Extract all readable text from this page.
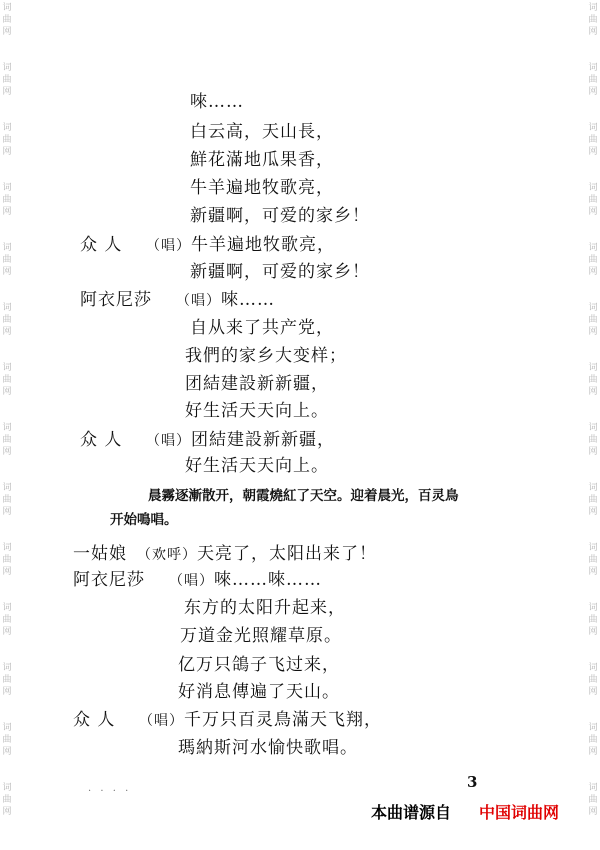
词
曲
网
词
曲
网
词
曲
网
词
曲
网
词
曲
网
词
曲
网
词
曲
网
词
曲
网
词
曲
网
词
曲
网
词
曲
网
词
曲
网
词
曲
网
词
曲
网
词
曲
网
词
曲
网
词
曲
网
词
曲
网
词
曲
网
词
曲
网
词
曲
网
词
曲
网
词
曲
网
词
曲
网
词
曲
网
词
曲
网
词
曲
网
词
曲
网
唻……
白云高，天山長，
鮮花滿地瓜果香，
牛羊遍地牧歌亮，
新疆啊，可爱的家乡！
众 人 （唱）牛羊遍地牧歌亮，
新疆啊，可爱的家乡！
阿衣尼莎 （唱）唻……
自从来了共产党，
我們的家乡大变样；
团結建設新新疆，
好生活天天向上。
众 人 （唱）团結建設新新疆，
好生活天天向上。
晨霧逐漸散开，朝霞燒紅了天空。迎着晨光，百灵鳥
开始鳴唱。
一姑娘 （欢呼）天亮了，太阳出来了！
阿衣尼莎 （唱）唻……唻……
东方的太阳升起来，
万道金光照耀草原。
亿万只鴿子飞过来，
好消息傳遍了天山。
众 人 （唱）千万只百灵鳥滿天飞翔，
瑪納斯河水愉快歌唱。
· · · ·
3
本曲谱源自 中国词曲网
